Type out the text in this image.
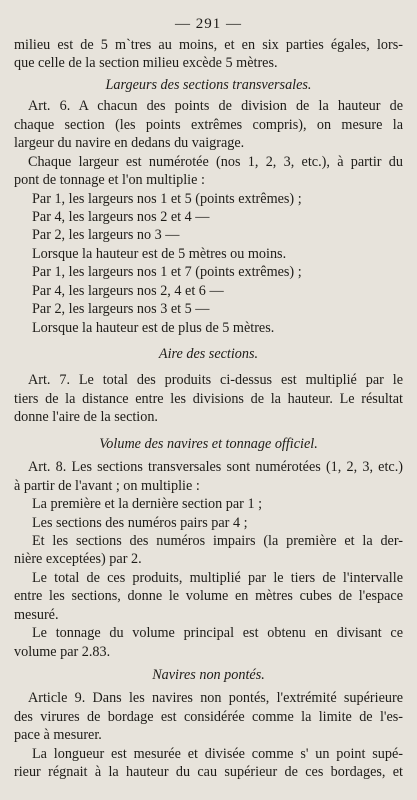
— 291 —
milieu est de 5 m`tres au moins, et en six parties égales, lors-
que celle de la section milieu excède 5 mètres.
Largeurs des sections transversales.
Art. 6. A chacun des points de division de la hauteur de
chaque section (les points extrêmes compris), on mesure la
largeur du navire en dedans du vaigrage.
Chaque largeur est numérotée (nos 1, 2, 3, etc.), à partir du
pont de tonnage et l'on multiplie :
Par 1, les largeurs nos 1 et 5 (points extrêmes) ;
Par 4, les largeurs nos 2 et 4 —
Par 2, les largeurs no 3 —
Lorsque la hauteur est de 5 mètres ou moins.
Par 1, les largeurs nos 1 et 7 (points extrêmes) ;
Par 4, les largeurs nos 2, 4 et 6 —
Par 2, les largeurs nos 3 et 5 —
Lorsque la hauteur est de plus de 5 mètres.
Aire des sections.
Art. 7. Le total des produits ci-dessus est multiplié par le
tiers de la distance entre les divisions de la hauteur. Le résultat
donne l'aire de la section.
Volume des navires et tonnage officiel.
Art. 8. Les sections transversales sont numérotées (1, 2, 3, etc.)
à partir de l'avant ; on multiplie :
La première et la dernière section par 1 ;
Les sections des numéros pairs par 4 ;
Et les sections des numéros impairs (la première et la der-
nière exceptées) par 2.
Le total de ces produits, multiplié par le tiers de l'intervalle
entre les sections, donne le volume en mètres cubes de l'espace
mesuré.
Le tonnage du volume principal est obtenu en divisant ce
volume par 2.83.
Navires non pontés.
Article 9. Dans les navires non pontés, l'extrémité supérieure
des virures de bordage est considérée comme la limite de l'es-
pace à mesurer.
La longueur est mesurée et divisée comme s' un point supé-
rieur régnait à la hauteur du cau supérieur de ces bordages, et
